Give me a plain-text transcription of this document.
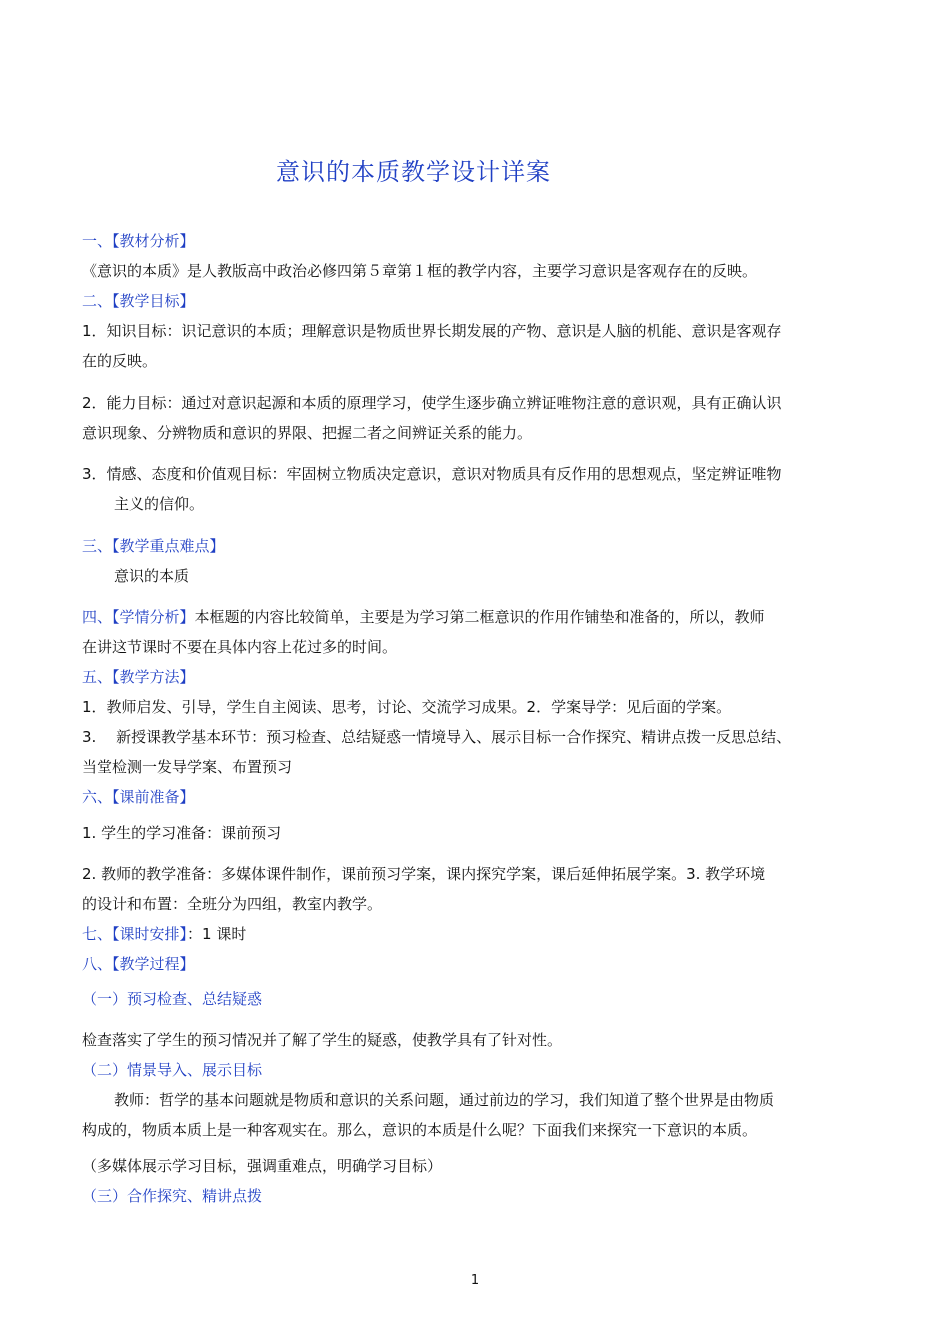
意识的本质教学设计详案
一、【教材分析】
《意识的本质》是人教版高中政治必修四第５章第１框的教学内容，主要学习意识是客观存在的反映。
二、【教学目标】
1．知识目标：识记意识的本质；理解意识是物质世界长期发展的产物、意识是人脑的机能、意识是客观存
在的反映。
2．能力目标：通过对意识起源和本质的原理学习，使学生逐步确立辨证唯物注意的意识观，具有正确认识
意识现象、分辨物质和意识的界限、把握二者之间辨证关系的能力。
3．情感、态度和价值观目标：牢固树立物质决定意识，意识对物质具有反作用的思想观点，坚定辨证唯物
主义的信仰。
三、【教学重点难点】
意识的本质
四、【学情分析】本框题的内容比较简单，主要是为学习第二框意识的作用作铺垫和准备的，所以，教师
在讲这节课时不要在具体内容上花过多的时间。
五、【教学方法】
1．教师启发、引导，学生自主阅读、思考，讨论、交流学习成果。2．学案导学：见后面的学案。
3.　 新授课教学基本环节：预习检查、总结疑惑一情境导入、展示目标一合作探究、精讲点拨一反思总结、
当堂检测一发导学案、布置预习
六、【课前准备】
1. 学生的学习准备：课前预习
2. 教师的教学准备：多媒体课件制作，课前预习学案，课内探究学案，课后延伸拓展学案。3. 教学环境
的设计和布置：全班分为四组，教室内教学。
七、【课时安排】：1 课时
八、【教学过程】
（一）预习检查、总结疑惑
检查落实了学生的预习情况并了解了学生的疑惑，使教学具有了针对性。
（二）情景导入、展示目标
教师：哲学的基本问题就是物质和意识的关系问题，通过前边的学习，我们知道了整个世界是由物质
构成的，物质本质上是一种客观实在。那么，意识的本质是什么呢？下面我们来探究一下意识的本质。
（多媒体展示学习目标，强调重难点，明确学习目标）
（三）合作探究、精讲点拨
1
